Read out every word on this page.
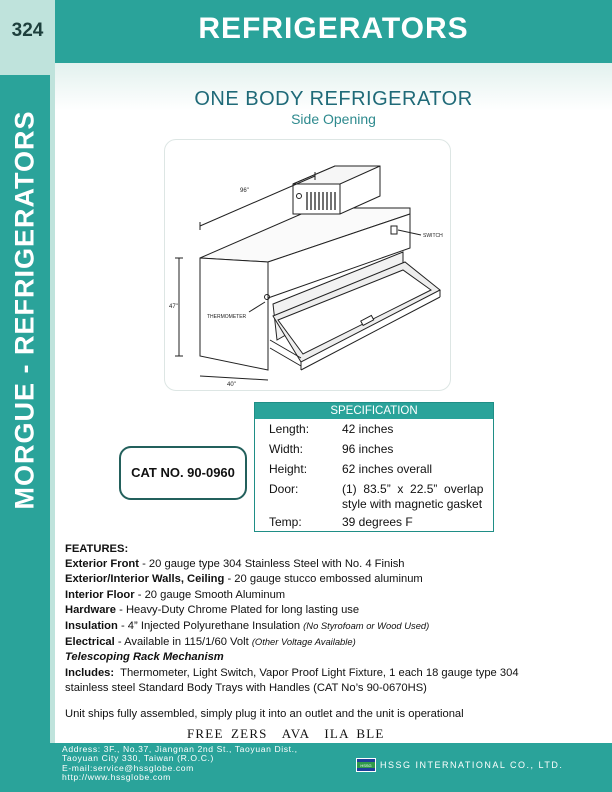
324	REFRIGERATORS
MORGUE - REFRIGERATORS
ONE BODY REFRIGERATOR
Side Opening
96"
47"
40"
SWITCH
THERMOMETER
CAT NO. 90-0960
SPECIFICATION
Length:	42 inches
Width:	96 inches
Height:	62 inches overall
Door:	(1)  83.5”  x  22.5”  overlap
style with magnetic gasket
Temp:	39 degrees F
FEATURES:
Exterior Front - 20 gauge type 304 Stainless Steel with No. 4 Finish
Exterior/Interior Walls, Ceiling - 20 gauge stucco embossed aluminum
Interior Floor - 20 gauge Smooth Aluminum
Hardware - Heavy-Duty Chrome Plated for long lasting use
Insulation - 4” Injected Polyurethane Insulation (No Styrofoam or Wood Used)
Electrical - Available in 115/1/60 Volt (Other Voltage Available)
Telescoping Rack Mechanism
Includes:  Thermometer, Light Switch, Vapor Proof Light Fixture, 1 each 18 gauge type 304
stainless steel Standard Body Trays with Handles (CAT No’s 90-0670HS)
Unit ships fully assembled, simply plug it into an outlet and the unit is operational
FREE ZERS  AVA  ILA BLE
Address: 3F., No.37, Jiangnan 2nd St., Taoyuan Dist.,
Taoyuan City 330, Taiwan (R.O.C.)
E-mail:service@hssglobe.com
http://www.hssglobe.com
HSSG HSSG INTERNATIONAL CO., LTD.
